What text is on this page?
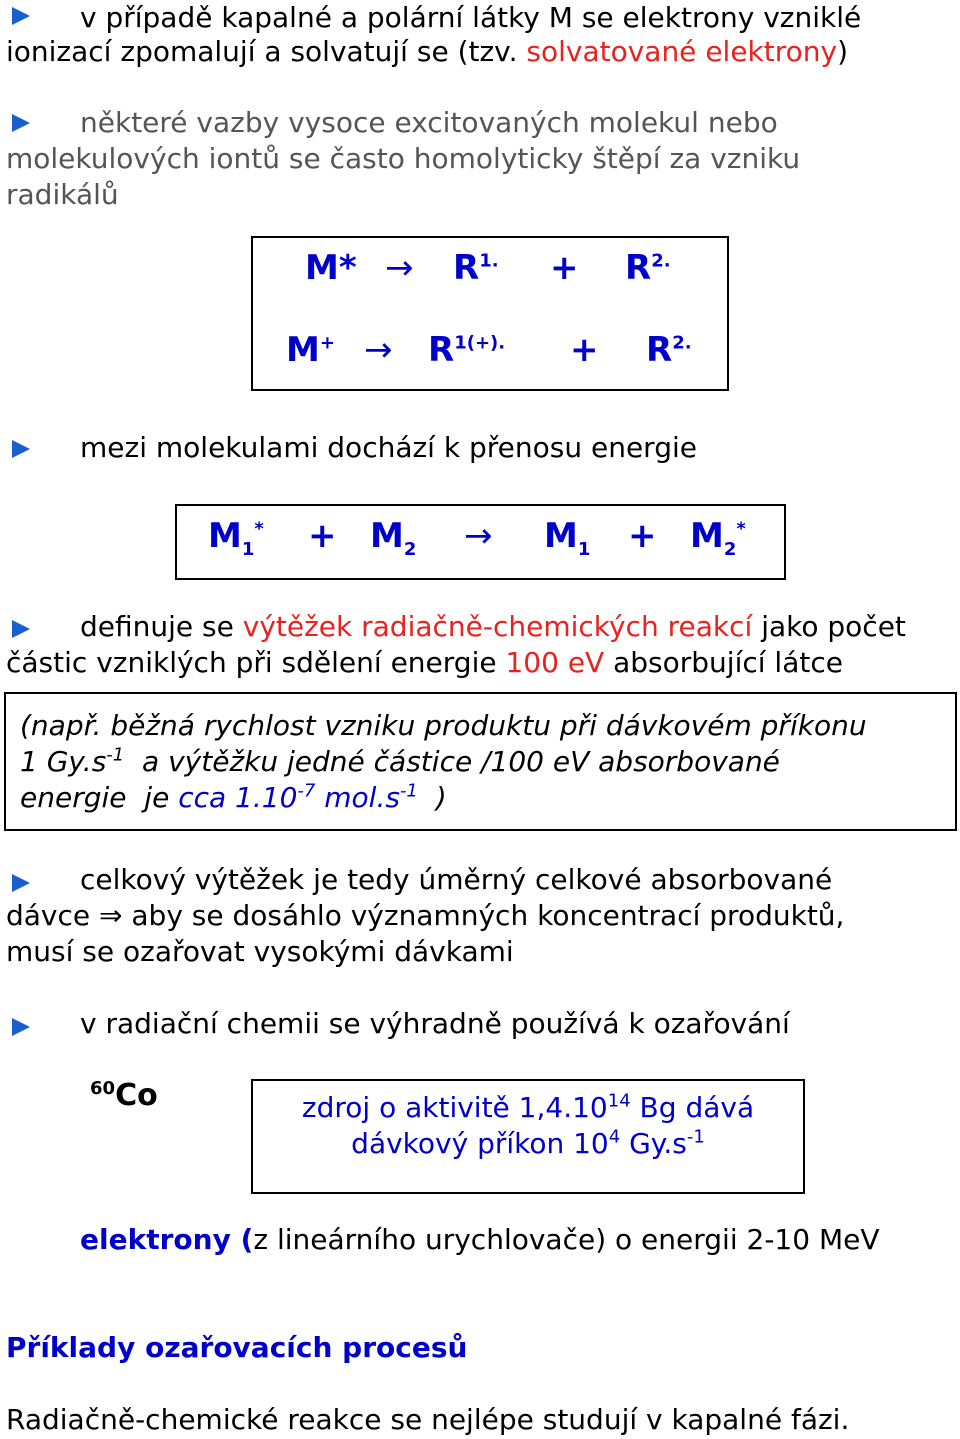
v případě kapalné a polární látky M se elektrony vzniklé
ionizací zpomalují a solvatují se (tzv. solvatované elektrony)
některé vazby vysoce excitovaných molekul nebo
molekulových iontů se často homolyticky štěpí za vzniku
radikálů
$M* \to R^{1.} + R^{2.}$
$M^+ \to R^{1(+).} + R^{2.}$
mezi molekulami dochází k přenosu energie
$M_1^* + M_2 \to M_1 + M_2^*$
definuje se výtěžek radiačně-chemických reakcí jako počet
částic vzniklých při sdělení energie 100 eV absorbující látce
(např. běžná rychlost vzniku produktu při dávkovém příkonu
1 $Gy.s^{-1}$  a výtěžku jedné částice /100 eV absorbované
energie  je cca $1.10^{-7}$ $mol.s^{-1}$  )
celkový výtěžek je tedy úměrný celkové absorbované
dávce ⇒ aby se dosáhlo významných koncentrací produktů,
musí se ozařovat vysokými dávkami
v radiační chemii se výhradně používá k ozařování
$^{60}$Co	zdroj o aktivitě 1,4.10$^{14}$ Bg dává
dávkový příkon $10^4$ $Gy.s^{-1}$
elektrony (z lineárního urychlovače) o energii 2-10 MeV
Příklady ozařovacích procesů
Radiačně-chemické reakce se nejlépe studují v kapalné fázi.
